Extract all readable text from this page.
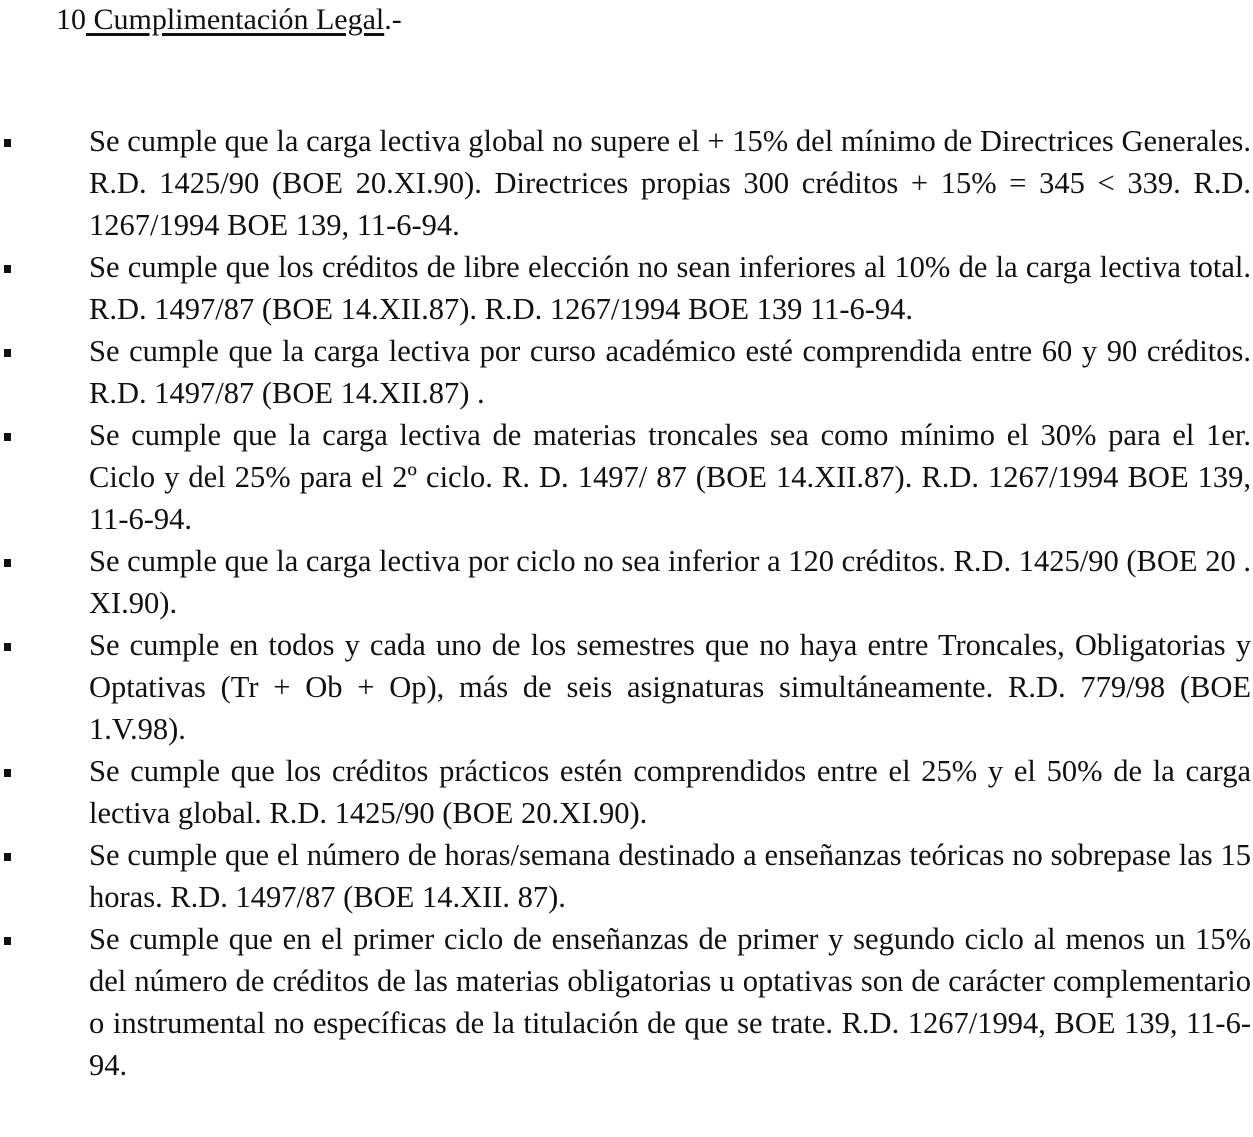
10 Cumplimentación Legal.-
Se cumple que la carga lectiva global no supere el + 15% del mínimo de Directrices Generales. R.D. 1425/90 (BOE 20.XI.90). Directrices propias 300 créditos + 15% = 345 < 339. R.D. 1267/1994 BOE 139, 11-6-94.
Se cumple que los créditos de libre elección no sean inferiores al 10% de la carga lectiva total. R.D. 1497/87 (BOE 14.XII.87). R.D. 1267/1994 BOE 139 11-6-94.
Se cumple que la carga lectiva por curso académico esté comprendida entre 60 y 90 créditos. R.D. 1497/87 (BOE 14.XII.87) .
Se cumple que la carga lectiva de materias troncales sea como mínimo el 30% para el 1er. Ciclo y del 25% para el 2º ciclo. R. D. 1497/ 87 (BOE 14.XII.87). R.D. 1267/1994 BOE 139, 11-6-94.
Se cumple que la carga lectiva por ciclo no sea inferior a 120 créditos. R.D. 1425/90 (BOE 20 . XI.90).
Se cumple en todos y cada uno de los semestres que no haya entre Troncales, Obligatorias y Optativas (Tr + Ob + Op), más de seis asignaturas simultáneamente. R.D. 779/98 (BOE 1.V.98).
Se cumple que los créditos prácticos estén comprendidos entre el 25% y el 50% de la carga lectiva global. R.D. 1425/90 (BOE 20.XI.90).
Se cumple que el número de horas/semana destinado a enseñanzas teóricas no sobrepase las 15 horas. R.D. 1497/87 (BOE 14.XII. 87).
Se cumple que en el primer ciclo de enseñanzas de primer y segundo ciclo al menos un 15% del número de créditos de las materias obligatorias u optativas son de carácter complementario o instrumental no específicas de la titulación de que se trate. R.D. 1267/1994, BOE 139, 11-6-94.
